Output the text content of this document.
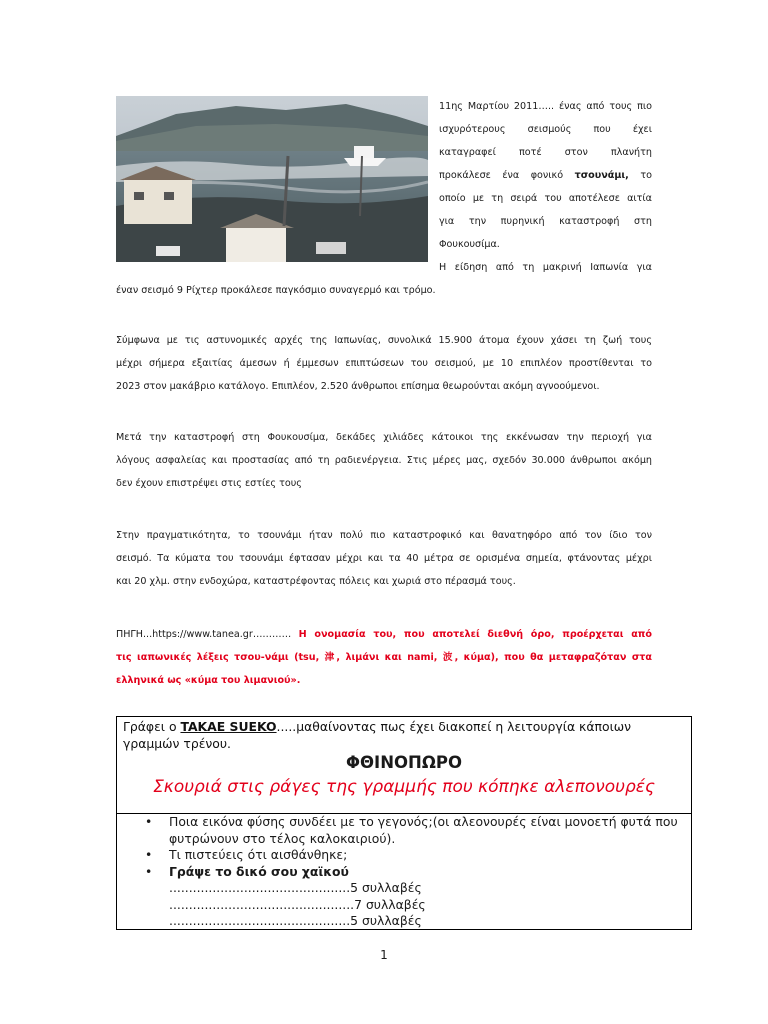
11ης Μαρτίου 2011….. ένας από τους πιο
ισχυρότερους σεισμούς που έχει
καταγραφεί ποτέ στον πλανήτη
προκάλεσε ένα φονικό τσουνάμι, το
οποίο με τη σειρά του αποτέλεσε αιτία
για την πυρηνική καταστροφή στη
Φουκουσίμα.
Η είδηση από τη μακρινή Ιαπωνία για
έναν σεισμό 9 Ρίχτερ προκάλεσε παγκόσμιο συναγερμό και τρόμο.
Σύμφωνα με τις αστυνομικές αρχές της Ιαπωνίας, συνολικά 15.900 άτομα έχουν χάσει τη ζωή τους
μέχρι σήμερα εξαιτίας άμεσων ή έμμεσων επιπτώσεων του σεισμού, με 10 επιπλέον προστίθενται το
2023 στον μακάβριο κατάλογο. Επιπλέον, 2.520 άνθρωποι επίσημα θεωρούνται ακόμη αγνοούμενοι.
Μετά την καταστροφή στη Φουκουσίμα, δεκάδες χιλιάδες κάτοικοι της εκκένωσαν την περιοχή για
λόγους ασφαλείας και προστασίας από τη ραδιενέργεια. Στις μέρες μας, σχεδόν 30.000 άνθρωποι ακόμη
δεν έχουν επιστρέψει στις εστίες τους
Στην πραγματικότητα, το τσουνάμι ήταν πολύ πιο καταστροφικό και θανατηφόρο από τον ίδιο τον
σεισμό. Τα κύματα του τσουνάμι έφτασαν μέχρι και τα 40 μέτρα σε ορισμένα σημεία, φτάνοντας μέχρι
και 20 χλμ. στην ενδοχώρα, καταστρέφοντας πόλεις και χωριά στο πέρασμά τους.
ΠΗΓΗ...https://www.tanea.gr………… Η ονομασία του, που αποτελεί διεθνή όρο, προέρχεται από
τις ιαπωνικές λέξεις τσου-νάμι (tsu, 津, λιμάνι και nami, 波, κύμα), που θα μεταφραζόταν στα
ελληνικά ως «κύμα του λιμανιού».
Γράφει ο TAKAE SUEKO.....μαθαίνοντας πως έχει διακοπεί η λειτουργία κάποιων γραμμών τρένου.
ΦΘΙΝΟΠΩΡΟ
Σκουριά στις ράγες της γραμμής που κόπηκε αλεπονουρές

• Ποια εικόνα φύσης συνδέει με το γεγονός;(οι αλεονουρές είναι μονοετή φυτά που φυτρώνουν στο τέλος καλοκαιριού).
• Τι πιστεύεις ότι αισθάνθηκε;
• Γράψε το δικό σου χαϊκού
..............................................5 συλλαβές
...............................................7 συλλαβές
..............................................5 συλλαβές
1
